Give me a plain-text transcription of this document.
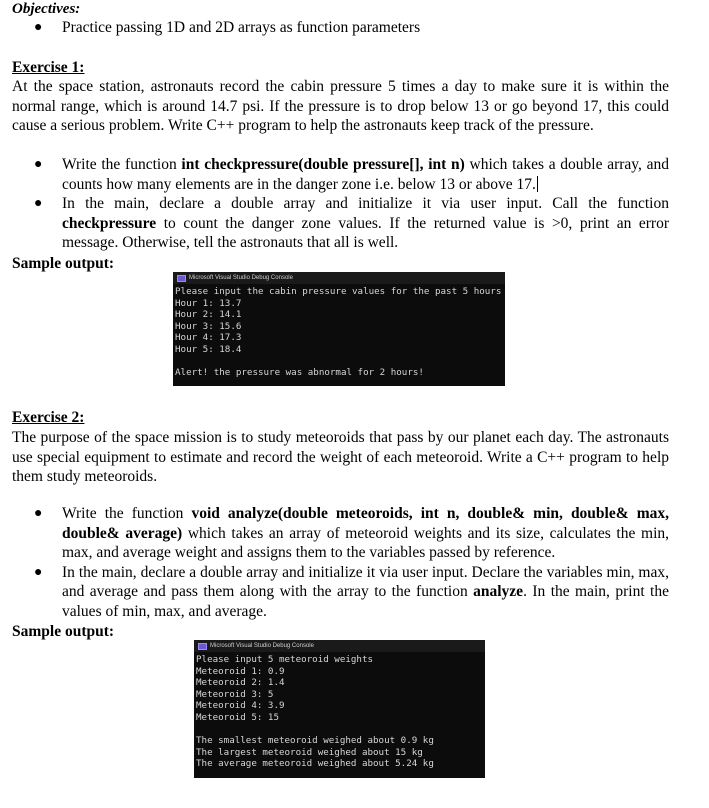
Objectives:
● Practice passing 1D and 2D arrays as function parameters
Exercise 1:

At the space station, astronauts record the cabin pressure 5 times a day to make sure it is within the normal range, which is around 14.7 psi. If the pressure is to drop below 13 or go beyond 17, this could cause a serious problem. Write C++ program to help the astronauts keep track of the pressure.

● Write the function int checkpressure(double pressure[], int n) which takes a double array, and counts how many elements are in the danger zone i.e. below 13 or above 17.
● In the main, declare a double array and initialize it via user input. Call the function checkpressure to count the danger zone values. If the returned value is >0, print an error message. Otherwise, tell the astronauts that all is well.
Sample output:
Exercise 2:

The purpose of the space mission is to study meteoroids that pass by our planet each day. The astronauts use special equipment to estimate and record the weight of each meteoroid. Write a C++ program to help them study meteoroids.

● Write the function void analyze(double meteoroids, int n, double& min, double& max, double& average) which takes an array of meteoroid weights and its size, calculates the min, max, and average weight and assigns them to the variables passed by reference.
● In the main, declare a double array and initialize it via user input. Declare the variables min, max, and average and pass them along with the array to the function analyze. In the main, print the values of min, max, and average.
Sample output:
Microsoft Visual Studio Debug Console
Please input the cabin pressure values for the past 5 hours
Hour 1: 13.7
Hour 2: 14.1
Hour 3: 15.6
Hour 4: 17.3
Hour 5: 18.4
Alert! the pressure was abnormal for 2 hours!
Microsoft Visual Studio Debug Console
Please input 5 meteoroid weights
Meteoroid 1: 0.9
Meteoroid 2: 1.4
Meteoroid 3: 5
Meteoroid 4: 3.9
Meteoroid 5: 15
The smallest meteoroid weighed about 0.9 kg
The largest meteoroid weighed about 15 kg
The average meteoroid weighed about 5.24 kg
